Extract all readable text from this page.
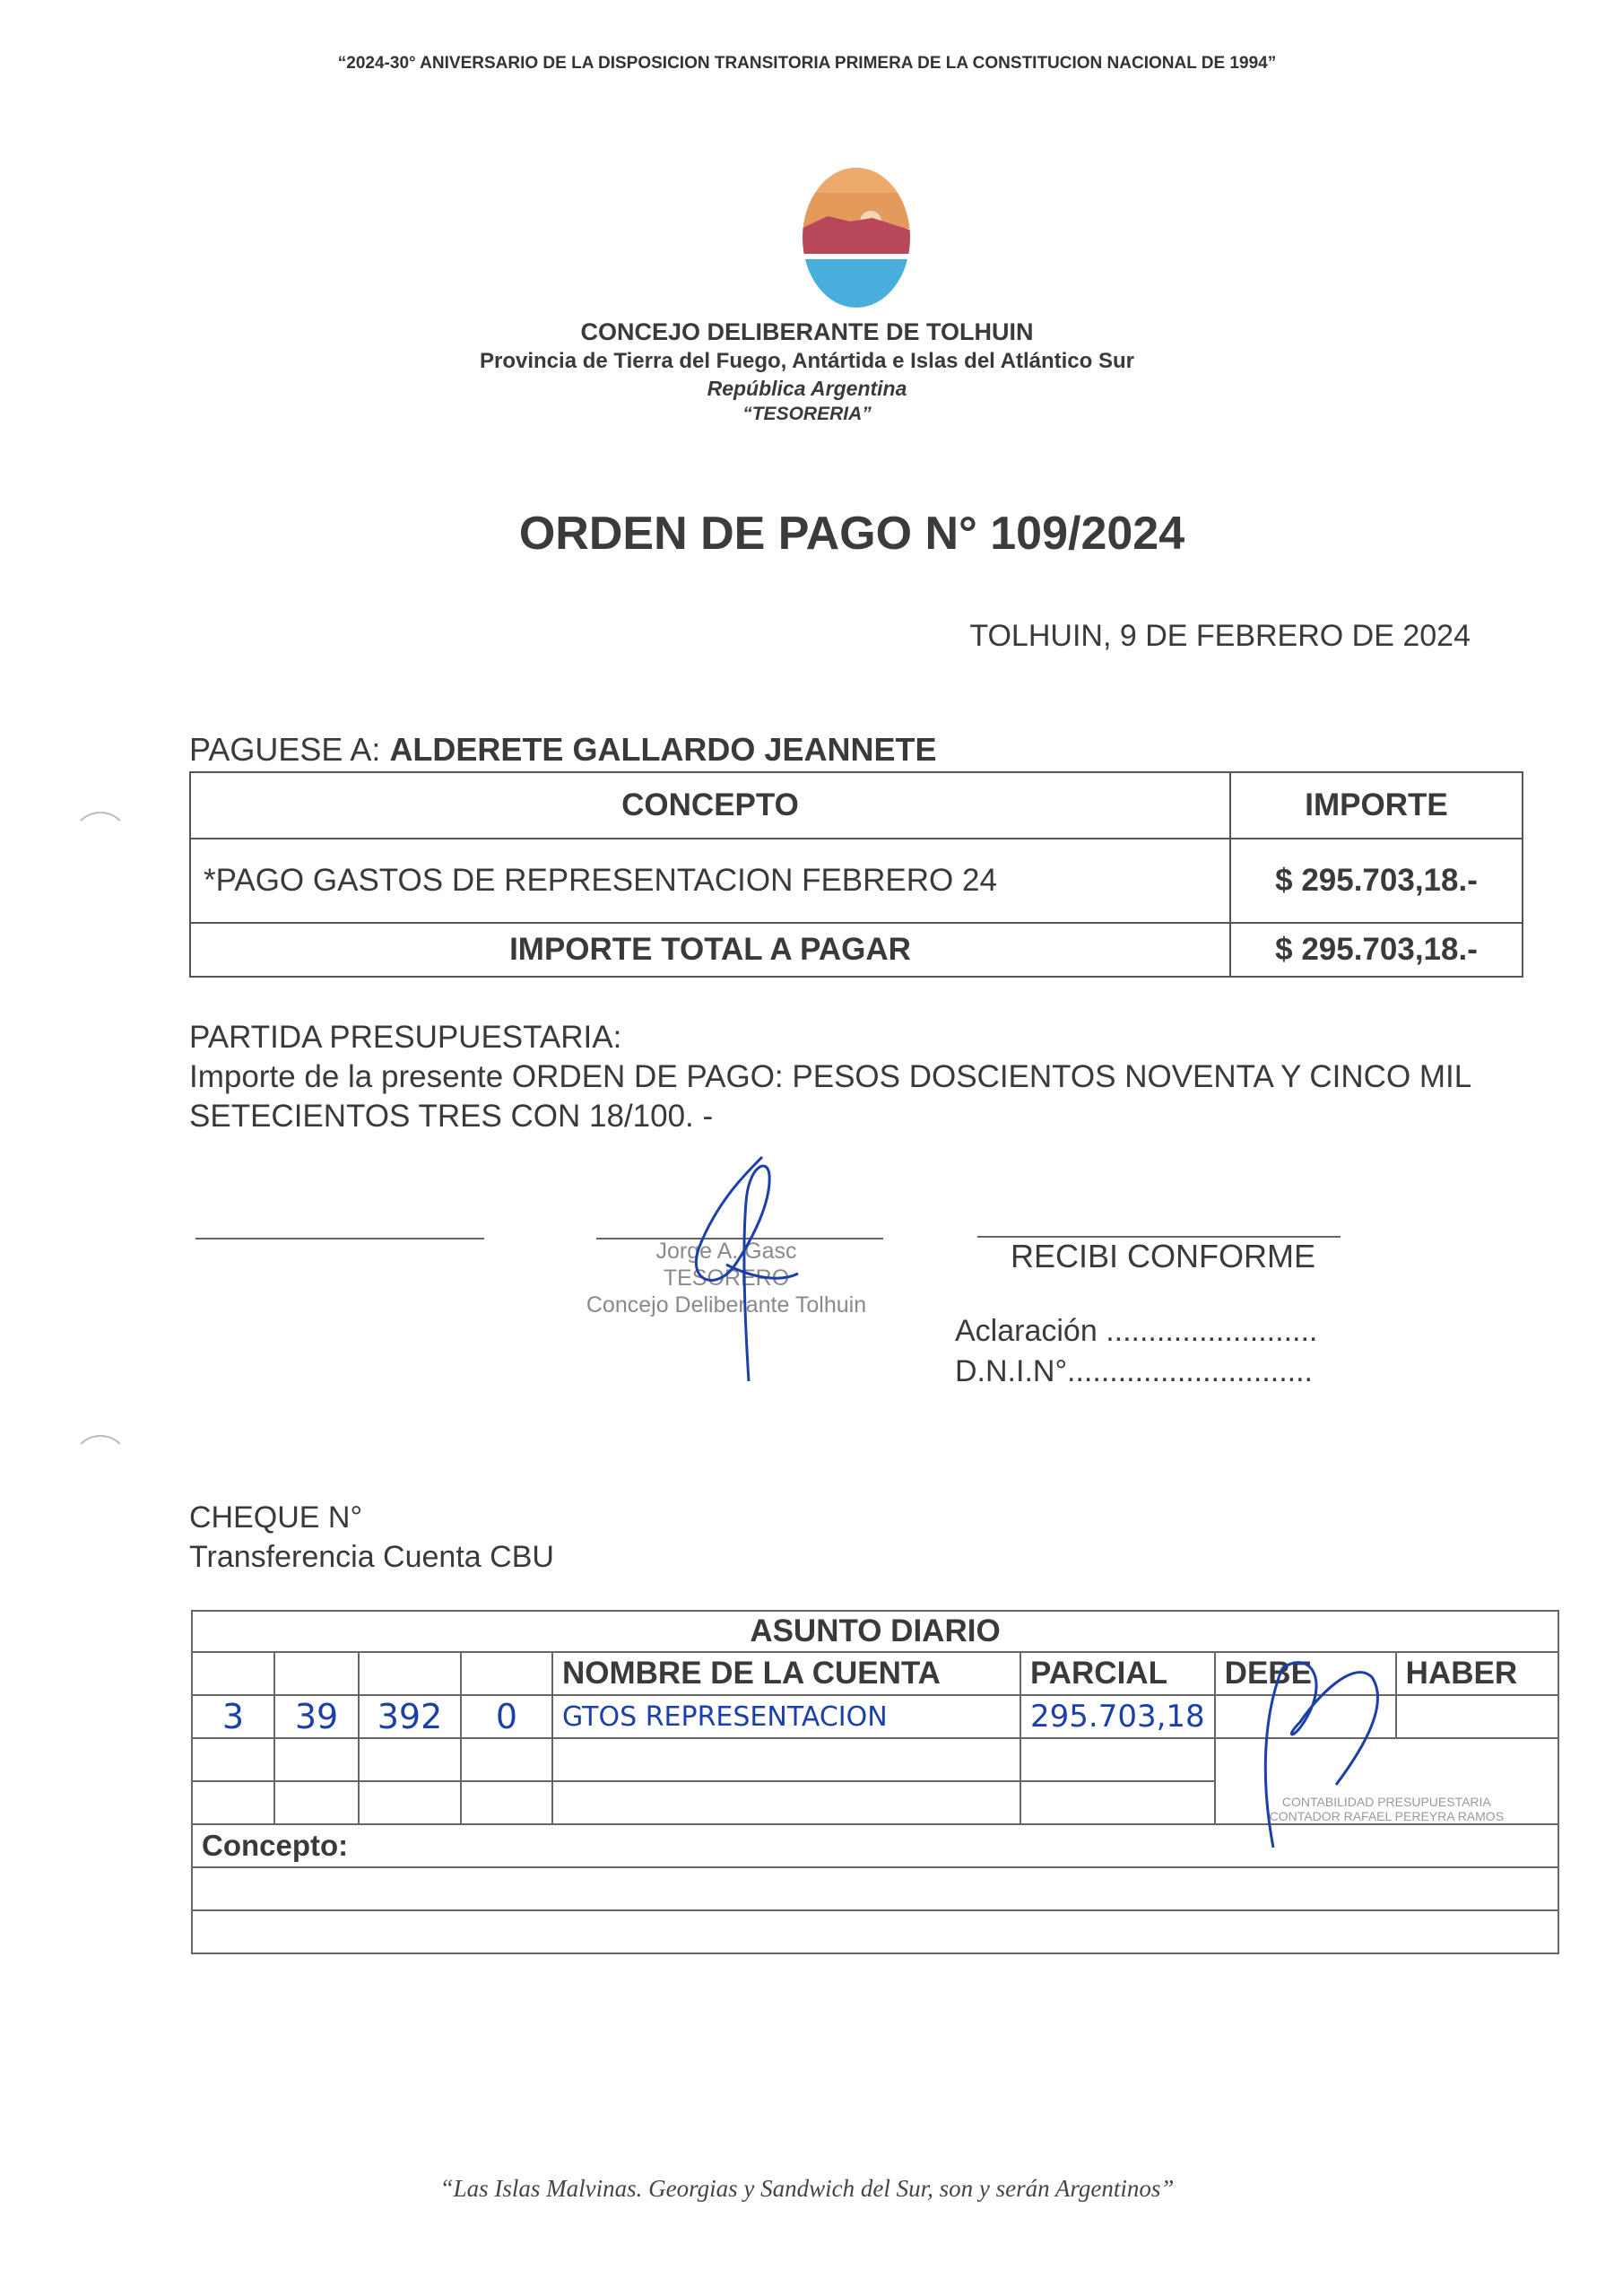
“2024-30° ANIVERSARIO DE LA DISPOSICION TRANSITORIA PRIMERA DE LA CONSTITUCION NACIONAL DE 1994”
CONCEJO DELIBERANTE DE TOLHUIN
Provincia de Tierra del Fuego, Antártida e Islas del Atlántico Sur
República Argentina
“TESORERIA”
ORDEN DE PAGO N° 109/2024
TOLHUIN, 9 DE FEBRERO DE 2024
PAGUESE A: ALDERETE GALLARDO JEANNETE
CONCEPTO	IMPORTE
*PAGO GASTOS DE REPRESENTACION FEBRERO 24	$ 295.703,18.-
IMPORTE TOTAL A PAGAR	$ 295.703,18.-
PARTIDA PRESUPUESTARIA:
Importe de la presente ORDEN DE PAGO: PESOS DOSCIENTOS NOVENTA Y CINCO MIL SETECIENTOS TRES CON 18/100. -
Jorge A. Gasc
TESORERO
Concejo Deliberante Tolhuin
RECIBI CONFORME
Aclaración .........................
D.N.I.N°.............................
CHEQUE N°
Transferencia Cuenta CBU
ASUNTO DIARIO							
				NOMBRE DE LA CUENTA	PARCIAL	DEBE	HABER
3	39	392	0	GTOS REPRESENTACION	295.703,18		

						CONTABILIDAD PRESUPUESTARIA
CONTADOR RAFAEL PEREYRA RAMOS	

Concepto:							

“Las Islas Malvinas. Georgias y Sandwich del Sur, son y serán Argentinos”
